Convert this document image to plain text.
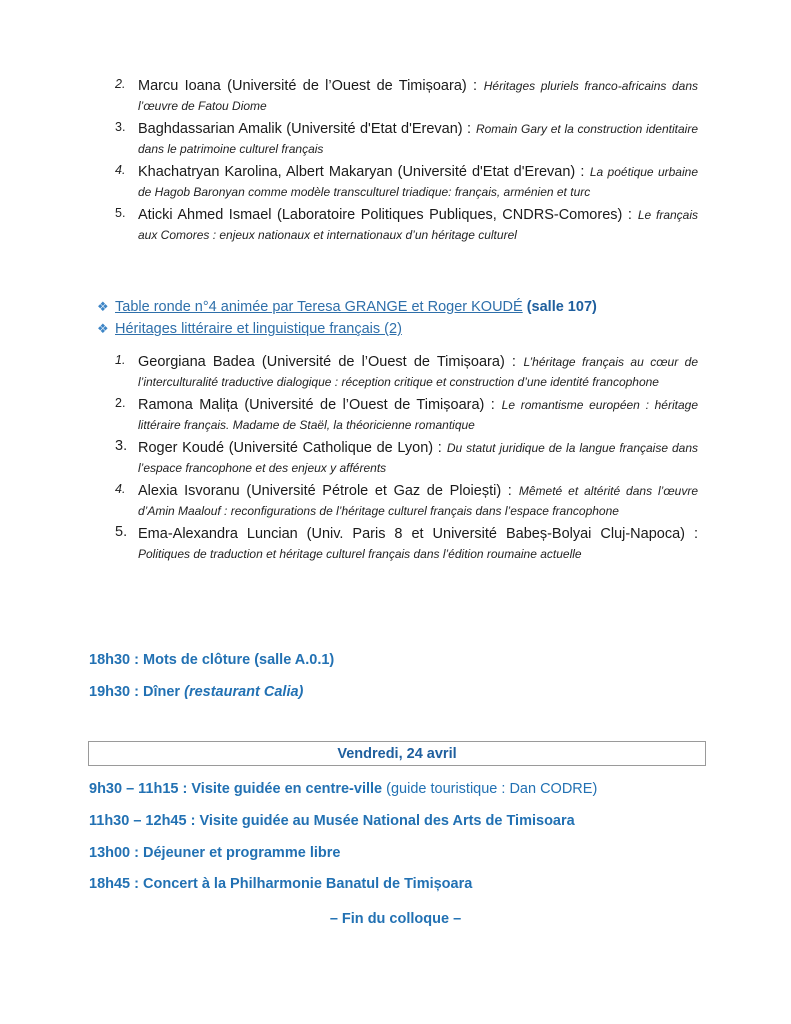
2. Marcu Ioana (Université de l’Ouest de Timișoara) : Héritages pluriels franco-africains dans l’œuvre de Fatou Diome
3. Baghdassarian Amalik (Université d'Etat d'Erevan) : Romain Gary et la construction identitaire dans le patrimoine culturel français
4. Khachatryan Karolina, Albert Makaryan (Université d'Etat d'Erevan) : La poétique urbaine de Hagob Baronyan comme modèle transculturel triadique: français, arménien et turc
5. Aticki Ahmed Ismael (Laboratoire Politiques Publiques, CNDRS-Comores) : Le français aux Comores : enjeux nationaux et internationaux d’un héritage culturel
❖ Table ronde n°4 animée par Teresa GRANGE et Roger KOUDÉ (salle 107)
❖ Héritages littéraire et linguistique français (2)
1. Georgiana Badea (Université de l’Ouest de Timișoara) : L’héritage français au cœur de l’interculturalité traductive dialogique : réception critique et construction d’une identité francophone
2. Ramona Malița (Université de l’Ouest de Timișoara) : Le romantisme européen : héritage littéraire français. Madame de Staël, la théoricienne romantique
3. Roger Koudé (Université Catholique de Lyon) : Du statut juridique de la langue française dans l’espace francophone et des enjeux y afférents
4. Alexia Isvoranu (Université Pétrole et Gaz de Ploiești) : Mêmeté et altérité dans l’œuvre d’Amin Maalouf : reconfigurations de l’héritage culturel français dans l’espace francophone
5. Ema-Alexandra Luncian (Univ. Paris 8 et Université Babeș-Bolyai Cluj-Napoca) : Politiques de traduction et héritage culturel français dans l’édition roumaine actuelle
18h30 : Mots de clôture (salle A.0.1)
19h30 : Dîner (restaurant Calia)
Vendredi, 24 avril
9h30 – 11h15 : Visite guidée en centre-ville (guide touristique : Dan CODRE)
11h30 – 12h45 : Visite guidée au Musée National des Arts de Timisoara
13h00 : Déjeuner et programme libre
18h45 : Concert à la Philharmonie Banatul de Timișoara
– Fin du colloque –
